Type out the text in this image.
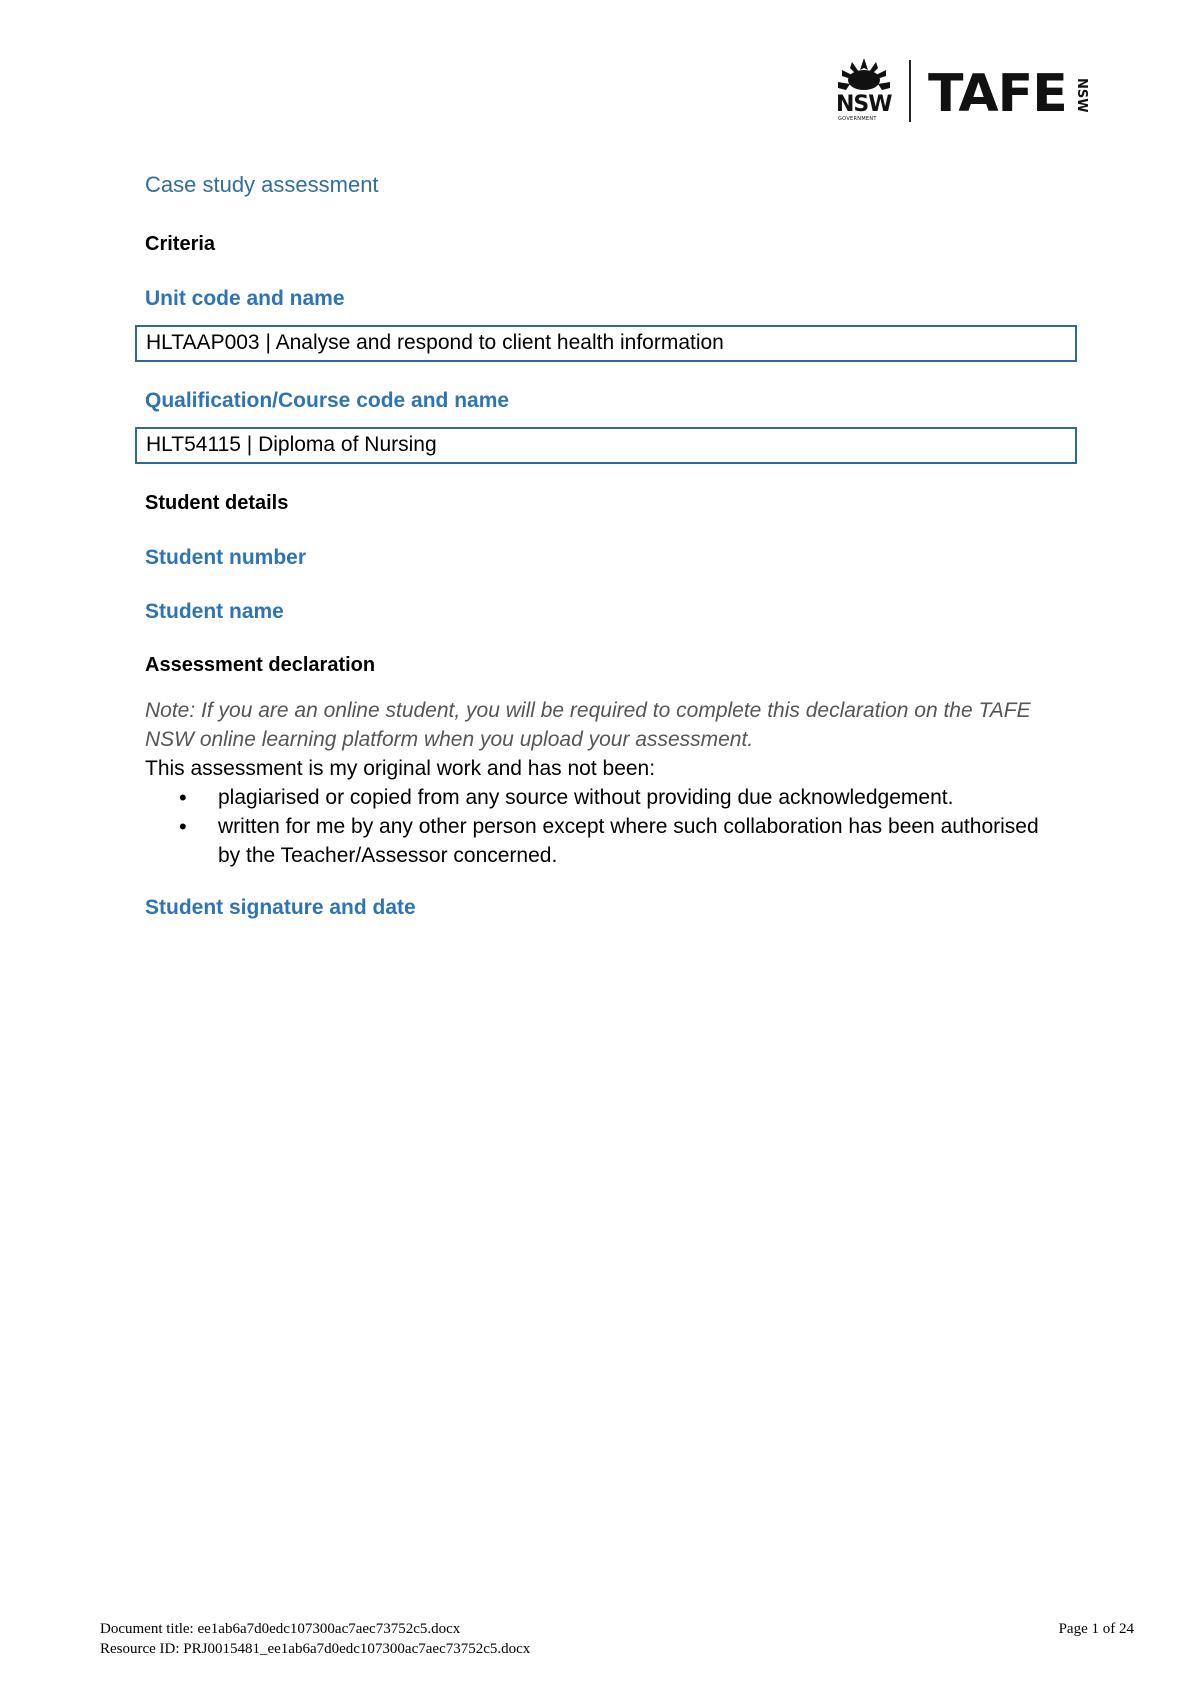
NSW
GOVERNMENT TAFE NSW
Case study assessment
Criteria
Unit code and name
HLTAAP003 | Analyse and respond to client health information
Qualification/Course code and name
HLT54115 | Diploma of Nursing
Student details
Student number
Student name
Assessment declaration
Note: If you are an online student, you will be required to complete this declaration on the TAFE NSW online learning platform when you upload your assessment.
This assessment is my original work and has not been:
• plagiarised or copied from any source without providing due acknowledgement.
• written for me by any other person except where such collaboration has been authorised by the Teacher/Assessor concerned.
Student signature and date
Document title: ee1ab6a7d0edc107300ac7aec73752c5.docx
Resource ID: PRJ0015481_ee1ab6a7d0edc107300ac7aec73752c5.docx
Page 1 of 24
